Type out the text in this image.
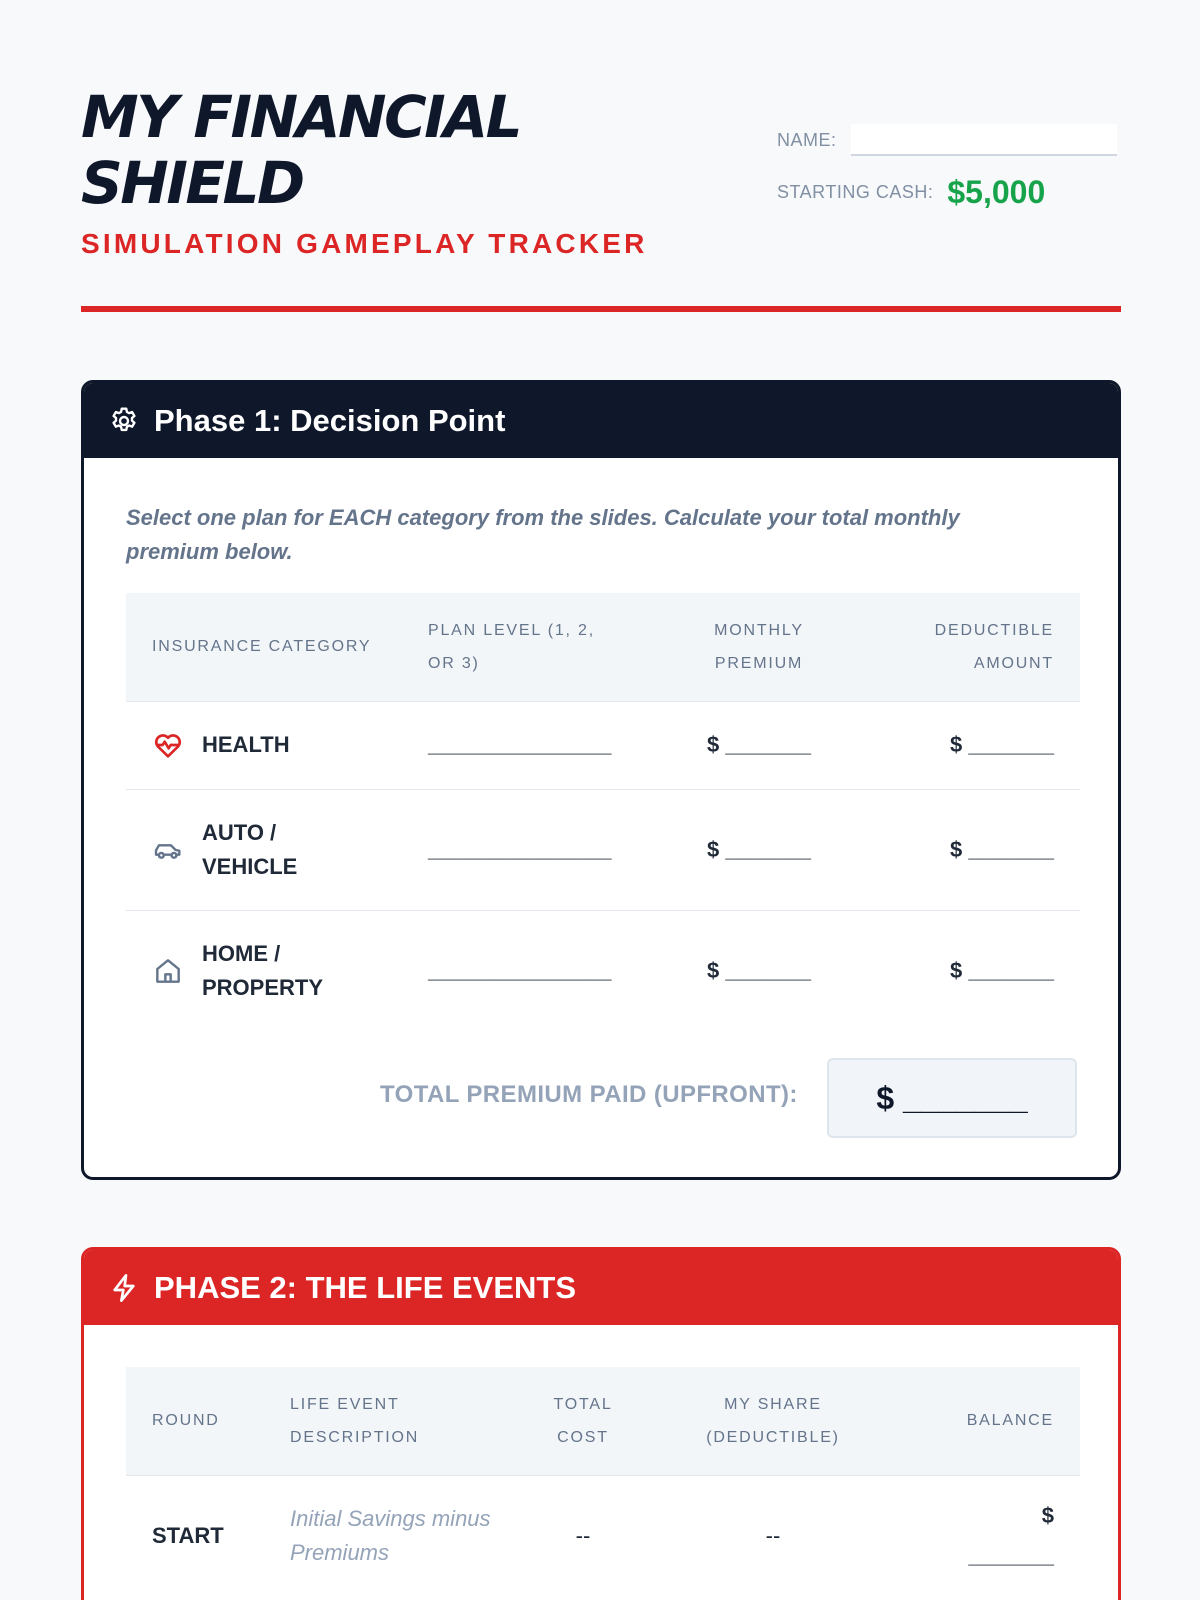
MY FINANCIAL SHIELD
SIMULATION GAMEPLAY TRACKER
NAME:
STARTING CASH: $5,000
Phase 1: Decision Point
Select one plan for EACH category from the slides. Calculate your total monthly premium below.
INSURANCE CATEGORY	PLAN LEVEL (1, 2, OR 3)	MONTHLY PREMIUM	DEDUCTIBLE AMOUNT

HEALTH	_______________	$ _______	$ _______

AUTO / VEHICLE	_______________	$ _______	$ _______

HOME / PROPERTY	_______________	$ _______	$ _______
TOTAL PREMIUM PAID (UPFRONT):	$ _______
PHASE 2: THE LIFE EVENTS
ROUND	LIFE EVENT DESCRIPTION	TOTAL COST	MY SHARE (DEDUCTIBLE)	BALANCE
START	Initial Savings minus Premiums	--	--	$ _______
